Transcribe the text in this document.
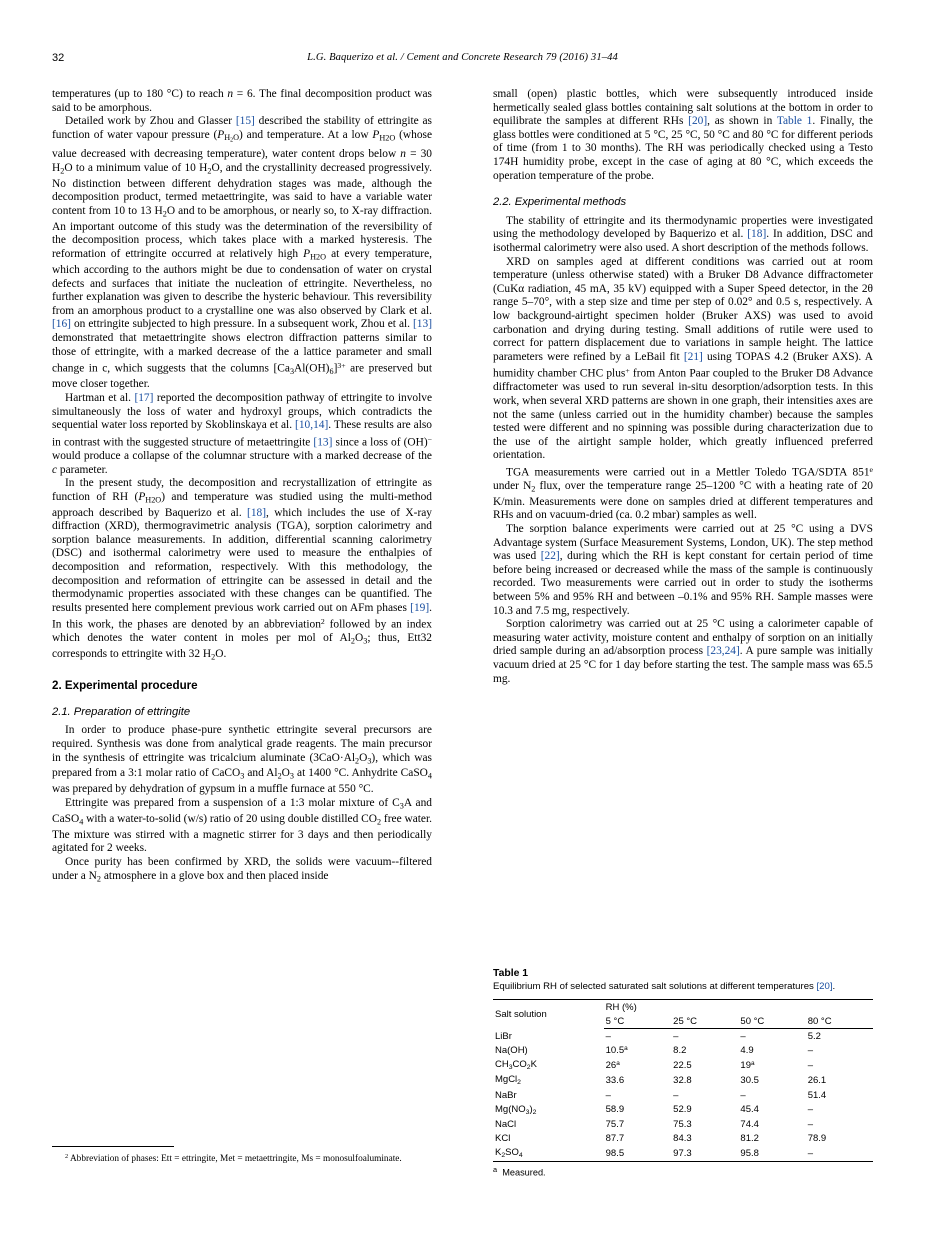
32	L.G. Baquerizo et al. / Cement and Concrete Research 79 (2016) 31–44

temperatures (up to 180 °C) to reach n = 6. The final decomposition product was said to be amorphous.

Detailed work by Zhou and Glasser [15] described the stability of ettringite as function of water vapour pressure $(P_{H_2O})$ and temperature. At a low $P_{H2O}$ (whose value decreased with decreasing temperature), water content drops below n = 30 $H_2O$ to a minimum value of 10 $H_2O$, and the crystallinity decreased progressively. No distinction between different dehydration stages was made, although the decomposition product, termed metaettringite, was said to have a variable water content from 10 to 13 $H_2O$ and to be amorphous, or nearly so, to X-ray diffraction. An important outcome of this study was the determination of the reversibility of the decomposition process, which takes place with a marked hysteresis. The reformation of ettringite occurred at relatively high $P_{H2O}$ at every temperature, which according to the authors might be due to condensation of water on crystal defects and surfaces that initiate the nucleation of ettringite. Nevertheless, no further explanation was given to describe the hysteric behaviour. This reversibility from an amorphous product to a crystalline one was also observed by Clark et al. [16] on ettringite subjected to high pressure. In a subsequent work, Zhou et al. [13] demonstrated that metaettringite shows electron diffraction patterns similar to those of ettringite, with a marked decrease of the a lattice parameter and small change in c, which suggests that the columns $[Ca_3Al(OH)_6]^{3+}$ are preserved but move closer together.

Hartman et al. [17] reported the decomposition pathway of ettringite to involve simultaneously the loss of water and hydroxyl groups, which contradicts the sequential water loss reported by Skoblinskaya et al. [10,14]. These results are also in contrast with the suggested structure of metaettringite [13] since a loss of (OH)− would produce a collapse of the columnar structure with a marked decrease of the c parameter.

In the present study, the decomposition and recrystallization of ettringite as function of RH $(P_{H2O})$ and temperature was studied using the multi-method approach described by Baquerizo et al. [18], which includes the use of X-ray diffraction (XRD), thermogravimetric analysis (TGA), sorption calorimetry and sorption balance measurements. In addition, differential scanning calorimetry (DSC) and isothermal calorimetry were used to measure the enthalpies of decomposition and reformation, respectively. With this methodology, the decomposition and reformation of ettringite can be assessed in detail and the thermodynamic properties associated with these changes can be quantified. The results presented here complement previous work carried out on AFm phases [19]. In this work, the phases are denoted by an abbreviation$^2$ followed by an index which denotes the water content in moles per mol of $Al_2O_3$; thus, Ett32 corresponds to ettringite with 32 $H_2O$.

2. Experimental procedure

2.1. Preparation of ettringite

In order to produce phase-pure synthetic ettringite several precursors are required. Synthesis was done from analytical grade reagents. The main precursor in the synthesis of ettringite was tricalcium aluminate $(3CaO\cdot Al_2O_3)$, which was prepared from a 3:1 molar ratio of CaCO$_3$ and $Al_2O_3$ at 1400 °C. Anhydrite CaSO$_4$ was prepared by dehydration of gypsum in a muffle furnace at 550 °C.

Ettringite was prepared from a suspension of a 1:3 molar mixture of $C_3A$ and CaSO$_4$ with a water-to-solid (w/s) ratio of 20 using double distilled $CO_2$ free water. The mixture was stirred with a magnetic stirrer for 3 days and then periodically agitated for 2 weeks.

Once purity has been confirmed by XRD, the solids were vacuum--filtered under a $N_2$ atmosphere in a glove box and then placed inside

small (open) plastic bottles, which were subsequently introduced inside hermetically sealed glass bottles containing salt solutions at the bottom in order to equilibrate the samples at different RHs [20], as shown in Table 1. Finally, the glass bottles were conditioned at 5 °C, 25 °C, 50 °C and 80 °C for different periods of time (from 1 to 30 months). The RH was periodically checked using a Testo 174H humidity probe, except in the case of aging at 80 °C, which exceeds the operation temperature of the probe.

2.2. Experimental methods

The stability of ettringite and its thermodynamic properties were investigated using the methodology developed by Baquerizo et al. [18]. In addition, DSC and isothermal calorimetry were also used. A short description of the methods follows.

XRD on samples aged at different conditions was carried out at room temperature (unless otherwise stated) with a Bruker D8 Advance diffractometer (CuKα radiation, 45 mA, 35 kV) equipped with a Super Speed detector, in the 2θ range 5–70°, with a step size and time per step of 0.02° and 0.5 s, respectively. A low background-airtight specimen holder (Bruker AXS) was used to avoid carbonation and drying during testing. Small additions of rutile were used to correct for pattern displacement due to variations in sample height. The lattice parameters were refined by a LeBail fit [21] using TOPAS 4.2 (Bruker AXS). A humidity chamber CHC plus+ from Anton Paar coupled to the Bruker D8 Advance diffractometer was used to run several in-situ desorption/adsorption tests. In this work, when several XRD patterns are shown in one graph, their intensities axes are not the same (unless carried out in the humidity chamber) because the samples tested were different and no spinning was possible during characterization due to the use of the airtight sample holder, which greatly influenced preferred orientation.

TGA measurements were carried out in a Mettler Toledo TGA/SDTA 851e under $N_2$ flux, over the temperature range 25–1200 °C with a heating rate of 20 K/min. Measurements were done on samples dried at different temperatures and RHs and on vacuum-dried (ca. 0.2 mbar) samples as well.

The sorption balance experiments were carried out at 25 °C using a DVS Advantage system (Surface Measurement Systems, London, UK). The step method was used [22], during which the RH is kept constant for certain period of time before being increased or decreased while the mass of the sample is continuously recorded. Two measurements were carried out in order to study the isotherms between 5% and 95% RH and between –0.1% and 95% RH. Sample masses were 10.3 and 7.5 mg, respectively.

Sorption calorimetry was carried out at 25 °C using a calorimeter capable of measuring water activity, moisture content and enthalpy of sorption on an initially dried sample during an ad/absorption process [23,24]. A pure sample was initially vacuum dried at 25 °C for 1 day before starting the test. The sample mass was 65.5 mg.

$^2$ Abbreviation of phases: Ett = ettringite, Met = metaettringite, Ms = monosulfoaluminate.
Table 1
Equilibrium RH of selected saturated salt solutions at different temperatures [20].
Salt solution	RH (%)			
	5 °C	25 °C	50 °C	80 °C
LiBr	–	–	–	5.2
Na(OH)	10.5$^a$	8.2	4.9	–
$CH_3CO_2K$	26$^a$	22.5	19$^a$	–
MgCl$_2$	33.6	32.8	30.5	26.1
NaBr	–	–	–	51.4
$Mg(NO_3)_2$	58.9	52.9	45.4	–
NaCl	75.7	75.3	74.4	–
KCl	87.7	84.3	81.2	78.9
$K_2SO_4$	98.5	97.3	95.8	–
$^a$ Measured.
